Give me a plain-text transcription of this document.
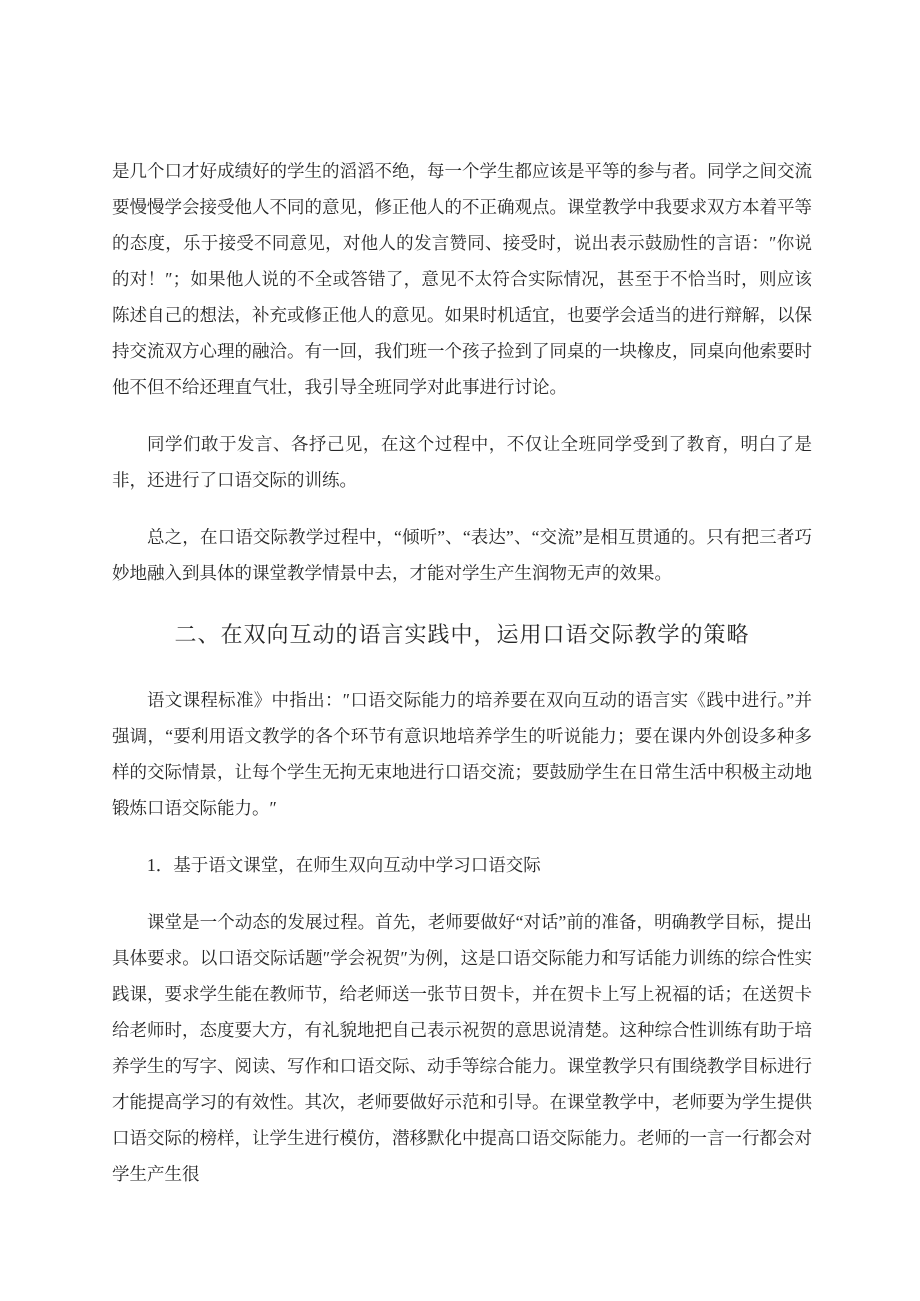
是几个口才好成绩好的学生的滔滔不绝，每一个学生都应该是平等的参与者。同学之间交流要慢慢学会接受他人不同的意见，修正他人的不正确观点。课堂教学中我要求双方本着平等的态度，乐于接受不同意见，对他人的发言赞同、接受时，说出表示鼓励性的言语：″你说的对！″；如果他人说的不全或答错了，意见不太符合实际情况，甚至于不恰当时，则应该陈述自己的想法，补充或修正他人的意见。如果时机适宜，也要学会适当的进行辩解，以保持交流双方心理的融洽。有一回，我们班一个孩子捡到了同桌的一块橡皮，同桌向他索要时他不但不给还理直气壮，我引导全班同学对此事进行讨论。

同学们敢于发言、各抒己见，在这个过程中，不仅让全班同学受到了教育，明白了是非，还进行了口语交际的训练。

总之，在口语交际教学过程中，“倾听”、“表达”、“交流”是相互贯通的。只有把三者巧妙地融入到具体的课堂教学情景中去，才能对学生产生润物无声的效果。

二、在双向互动的语言实践中，运用口语交际教学的策略

语文课程标准》中指出：″口语交际能力的培养要在双向互动的语言实《践中进行。”并强调，“要利用语文教学的各个环节有意识地培养学生的听说能力；要在课内外创设多种多样的交际情景，让每个学生无拘无束地进行口语交流；要鼓励学生在日常生活中积极主动地锻炼口语交际能力。″

1．基于语文课堂，在师生双向互动中学习口语交际

课堂是一个动态的发展过程。首先，老师要做好“对话”前的准备，明确教学目标，提出具体要求。以口语交际话题″学会祝贺″为例，这是口语交际能力和写话能力训练的综合性实践课，要求学生能在教师节，给老师送一张节日贺卡，并在贺卡上写上祝福的话；在送贺卡给老师时，态度要大方，有礼貌地把自己表示祝贺的意思说清楚。这种综合性训练有助于培养学生的写字、阅读、写作和口语交际、动手等综合能力。课堂教学只有围绕教学目标进行才能提高学习的有效性。其次，老师要做好示范和引导。在课堂教学中，老师要为学生提供口语交际的榜样，让学生进行模仿，潜移默化中提高口语交际能力。老师的一言一行都会对学生产生很
